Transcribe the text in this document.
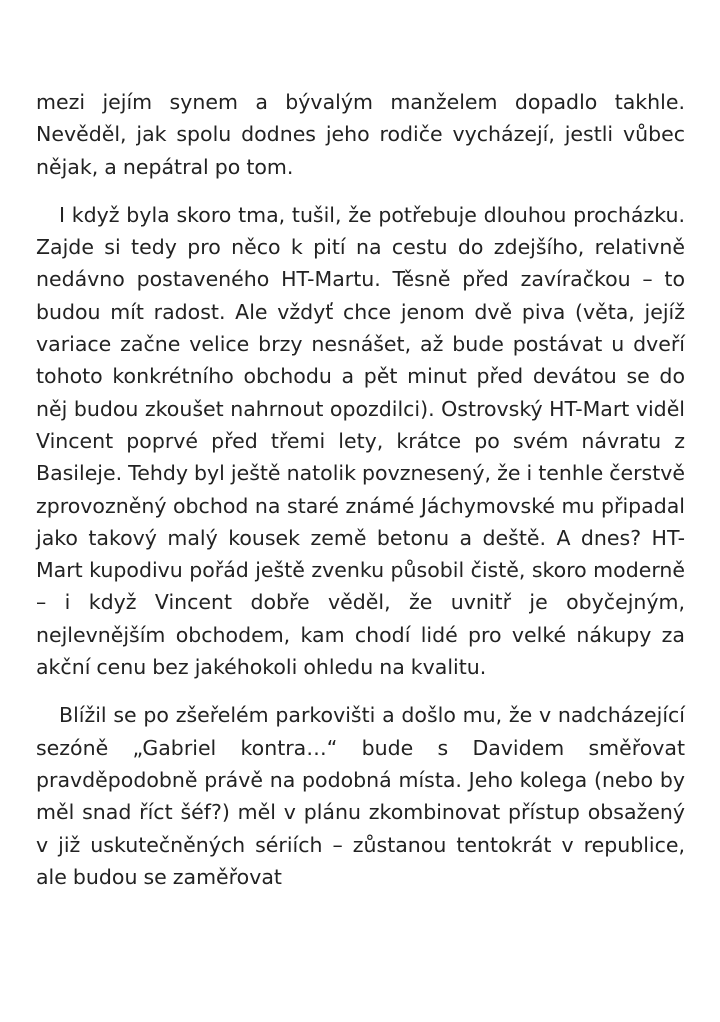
mezi jejím synem a bývalým manželem dopadlo takhle. Nevěděl, jak spolu dodnes jeho rodiče vycházejí, jestli vůbec nějak, a nepátral po tom.

I když byla skoro tma, tušil, že potřebuje dlouhou procházku. Zajde si tedy pro něco k pití na cestu do zdejšího, relativně nedávno postaveného HT-Martu. Těsně před zavíračkou – to budou mít radost. Ale vždyť chce jenom dvě piva (věta, jejíž variace začne velice brzy nesnášet, až bude postávat u dveří tohoto konkrétního obchodu a pět minut před devátou se do něj budou zkoušet nahrnout opozdilci). Ostrovský HT-Mart viděl Vincent poprvé před třemi lety, krátce po svém návratu z Basileje. Tehdy byl ještě natolik povznesený, že i tenhle čerstvě zprovozněný obchod na staré známé Jáchymovské mu připadal jako takový malý kousek země betonu a deště. A dnes? HT-Mart kupodivu pořád ještě zvenku působil čistě, skoro moderně – i když Vincent dobře věděl, že uvnitř je obyčejným, nejlevnějším obchodem, kam chodí lidé pro velké nákupy za akční cenu bez jakéhokoli ohledu na kvalitu.

Blížil se po zšeřelém parkovišti a došlo mu, že v nadcházející sezóně „Gabriel kontra…“ bude s Davidem směřovat pravděpodobně právě na podobná místa. Jeho kolega (nebo by měl snad říct šéf?) měl v plánu zkombinovat přístup obsažený v již uskutečněných sériích – zůstanou tentokrát v republice, ale budou se zaměřovat
